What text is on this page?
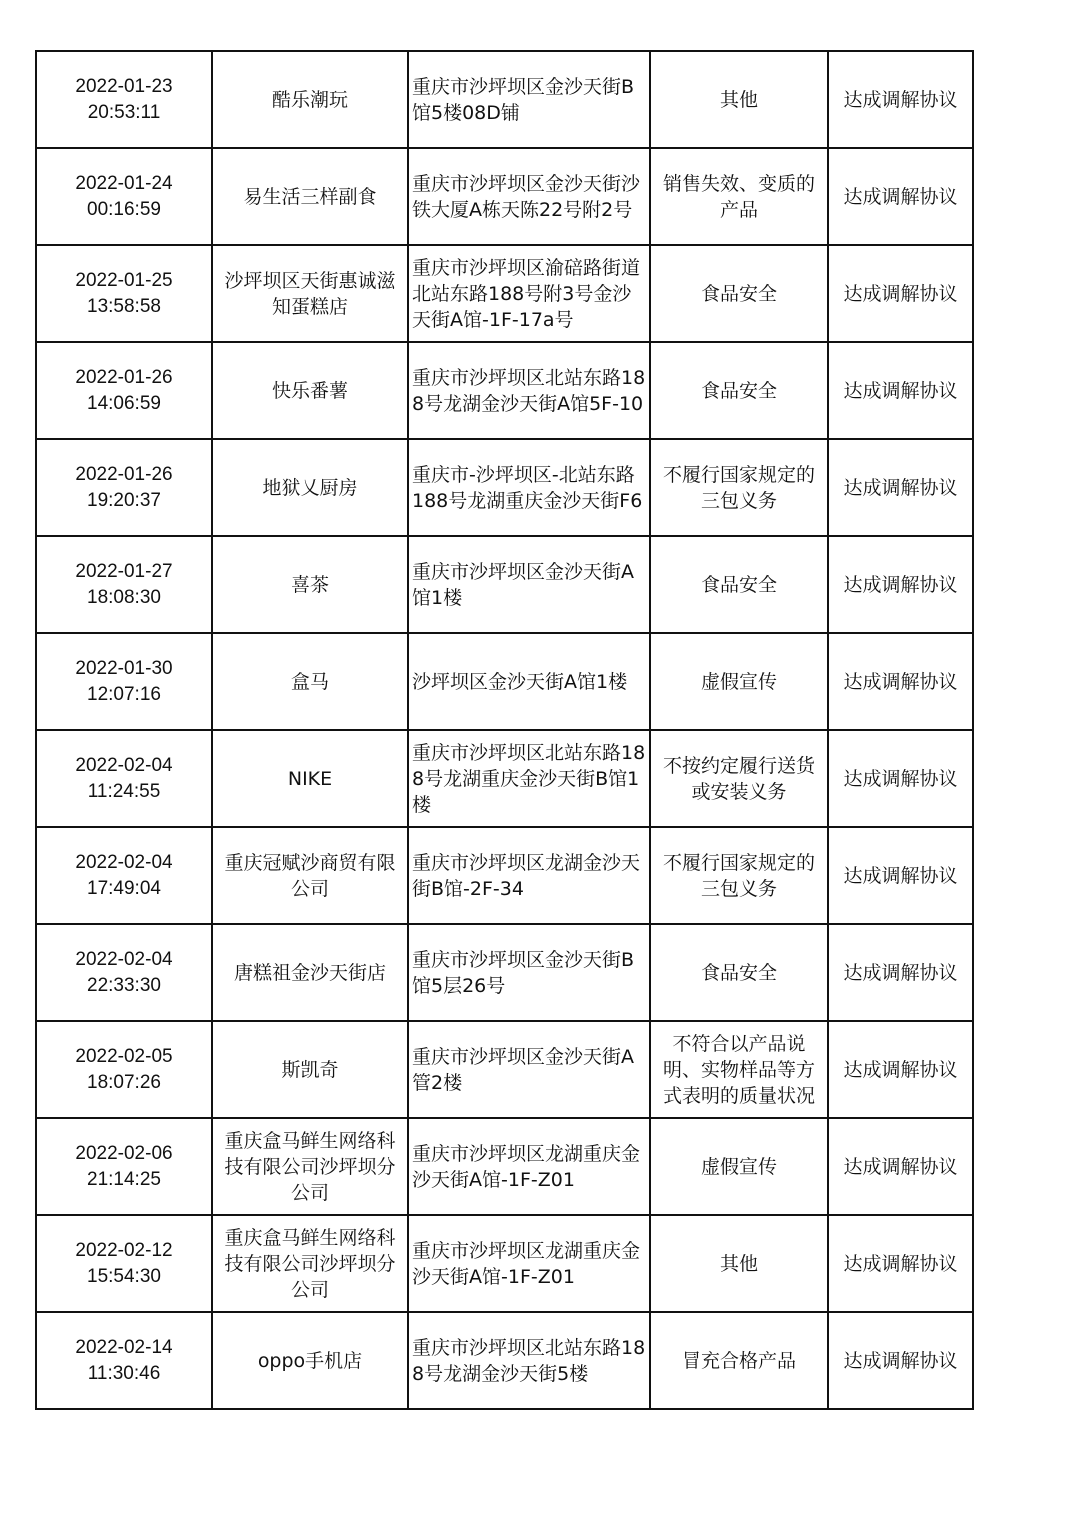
2022-01-23
20:53:11	酷乐潮玩	重庆市沙坪坝区金沙天街B馆5楼08D铺	其他	达成调解协议

2022-01-24
00:16:59	易生活三样副食	重庆市沙坪坝区金沙天街沙铁大厦A栋天陈22号附2号	销售失效、变质的产品	达成调解协议

2022-01-25
13:58:58	沙坪坝区天街惠诚滋知蛋糕店	重庆市沙坪坝区渝碚路街道北站东路188号附3号金沙天街A馆-1F-17a号	食品安全	达成调解协议

2022-01-26
14:06:59	快乐番薯	重庆市沙坪坝区北站东路188号龙湖金沙天街A馆5F-10	食品安全	达成调解协议

2022-01-26
19:20:37	地狱乂厨房	重庆市-沙坪坝区-北站东路188号龙湖重庆金沙天街F6	不履行国家规定的三包义务	达成调解协议

2022-01-27
18:08:30	喜茶	重庆市沙坪坝区金沙天街A馆1楼	食品安全	达成调解协议

2022-01-30
12:07:16	盒马	沙坪坝区金沙天街A馆1楼	虚假宣传	达成调解协议

2022-02-04
11:24:55	NIKE	重庆市沙坪坝区北站东路188号龙湖重庆金沙天街B馆1楼	不按约定履行送货或安装义务	达成调解协议

2022-02-04
17:49:04	重庆冠赋沙商贸有限公司	重庆市沙坪坝区龙湖金沙天街B馆-2F-34	不履行国家规定的三包义务	达成调解协议

2022-02-04
22:33:30	唐糕祖金沙天街店	重庆市沙坪坝区金沙天街B馆5层26号	食品安全	达成调解协议

2022-02-05
18:07:26	斯凯奇	重庆市沙坪坝区金沙天街A管2楼	不符合以产品说明、实物样品等方式表明的质量状况	达成调解协议

2022-02-06
21:14:25	重庆盒马鲜生网络科技有限公司沙坪坝分公司	重庆市沙坪坝区龙湖重庆金沙天街A馆-1F-Z01	虚假宣传	达成调解协议

2022-02-12
15:54:30	重庆盒马鲜生网络科技有限公司沙坪坝分公司	重庆市沙坪坝区龙湖重庆金沙天街A馆-1F-Z01	其他	达成调解协议

2022-02-14
11:30:46	oppo手机店	重庆市沙坪坝区北站东路188号龙湖金沙天街5楼	冒充合格产品	达成调解协议
